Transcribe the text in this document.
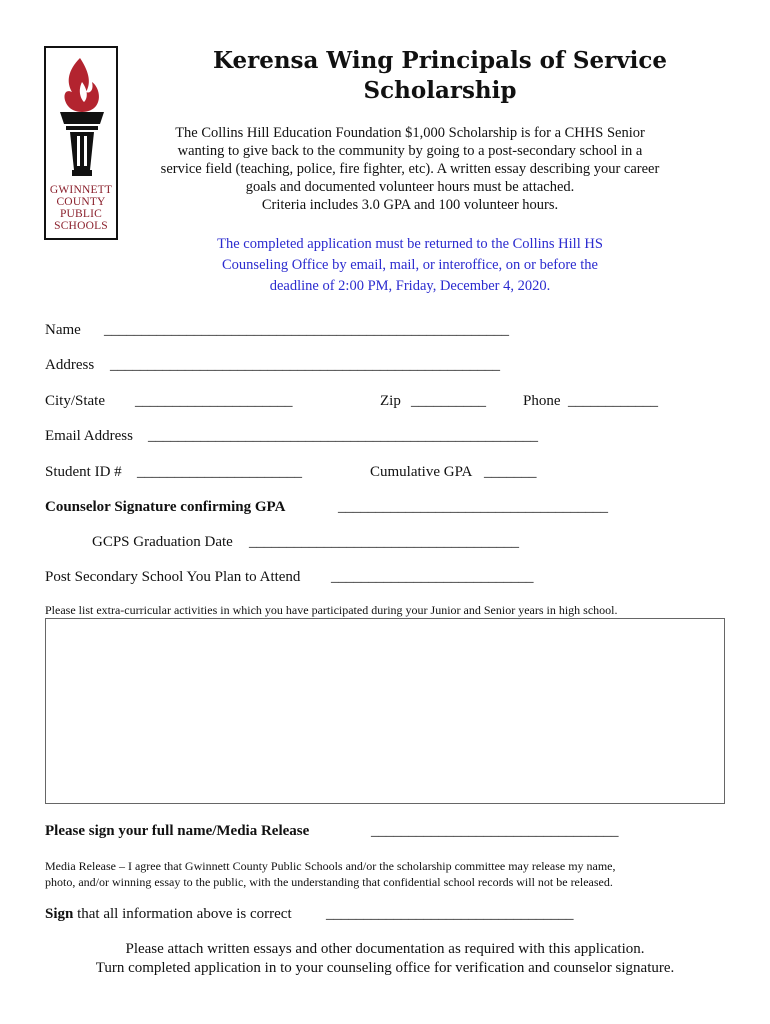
GWINNETT
COUNTY
PUBLIC
SCHOOLS
Kerensa Wing Principals of Service
Scholarship
The Collins Hill Education Foundation $1,000 Scholarship is for a CHHS Senior
wanting to give back to the community by going to a post-secondary school in a
service field (teaching, police, fire fighter, etc). A written essay describing your career
goals and documented volunteer hours must be attached.
Criteria includes 3.0 GPA and 100 volunteer hours.
The completed application must be returned to the Collins Hill HS
Counseling Office by email, mail, or interoffice, on or before the
deadline of 2:00 PM, Friday, December 4, 2020.
Name ______________________________________________________
Address ____________________________________________________
City/State _____________________	Zip __________ Phone ____________
Email Address ____________________________________________________
Student ID # ______________________	Cumulative GPA _______
Counselor Signature confirming GPA	____________________________________
GCPS Graduation Date ____________________________________
Post Secondary School You Plan to Attend ___________________________
Please list extra-curricular activities in which you have participated during your Junior and Senior years in high school.
Please sign your full name/Media Release	_________________________________
Media Release – I agree that Gwinnett County Public Schools and/or the scholarship committee may release my name,
photo, and/or winning essay to the public, with the understanding that confidential school records will not be released.
Sign that all information above is correct _________________________________
Please attach written essays and other documentation as required with this application.
Turn completed application in to your counseling office for verification and counselor signature.
